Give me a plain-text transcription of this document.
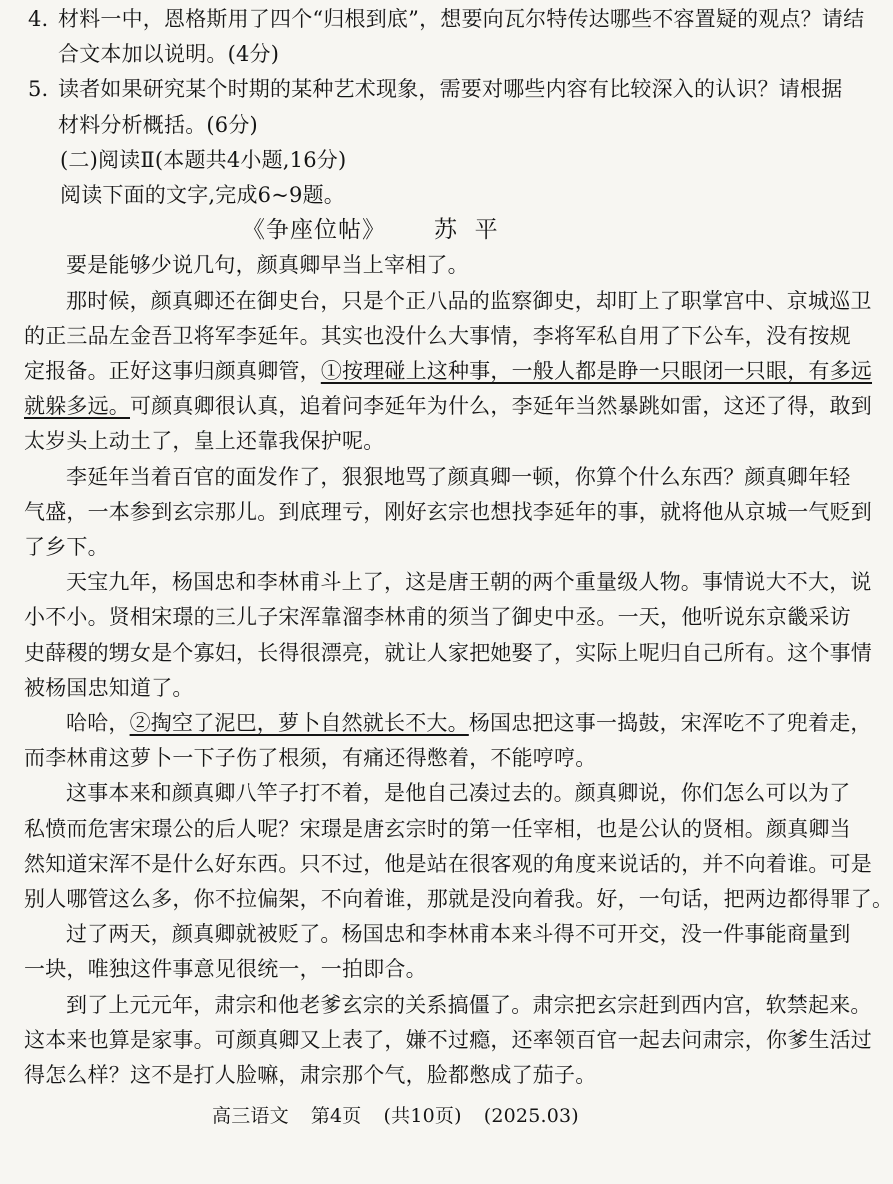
4. 材料一中，恩格斯用了四个“归根到底”，想要向瓦尔特传达哪些不容置疑的观点？请结
合文本加以说明。(4分)
5. 读者如果研究某个时期的某种艺术现象，需要对哪些内容有比较深入的认识？请根据
材料分析概括。(6分)
(二)阅读Ⅱ(本题共4小题,16分)
阅读下面的文字,完成6~9题。
《争座位帖》 苏  平
要是能够少说几句，颜真卿早当上宰相了。
那时候，颜真卿还在御史台，只是个正八品的监察御史，却盯上了职掌宫中、京城巡卫
的正三品左金吾卫将军李延年。其实也没什么大事情，李将军私自用了下公车，没有按规
定报备。正好这事归颜真卿管，①按理碰上这种事，一般人都是睁一只眼闭一只眼，有多远
就躲多远。可颜真卿很认真，追着问李延年为什么，李延年当然暴跳如雷，这还了得，敢到
太岁头上动土了，皇上还靠我保护呢。
李延年当着百官的面发作了，狠狠地骂了颜真卿一顿，你算个什么东西？颜真卿年轻
气盛，一本参到玄宗那儿。到底理亏，刚好玄宗也想找李延年的事，就将他从京城一气贬到
了乡下。
天宝九年，杨国忠和李林甫斗上了，这是唐王朝的两个重量级人物。事情说大不大，说
小不小。贤相宋璟的三儿子宋浑靠溜李林甫的须当了御史中丞。一天，他听说东京畿采访
史薛稷的甥女是个寡妇，长得很漂亮，就让人家把她娶了，实际上呢归自己所有。这个事情
被杨国忠知道了。
哈哈，②掏空了泥巴，萝卜自然就长不大。杨国忠把这事一捣鼓，宋浑吃不了兜着走，
而李林甫这萝卜一下子伤了根须，有痛还得憋着，不能哼哼。
这事本来和颜真卿八竿子打不着，是他自己凑过去的。颜真卿说，你们怎么可以为了
私愤而危害宋璟公的后人呢？宋璟是唐玄宗时的第一任宰相，也是公认的贤相。颜真卿当
然知道宋浑不是什么好东西。只不过，他是站在很客观的角度来说话的，并不向着谁。可是
别人哪管这么多，你不拉偏架，不向着谁，那就是没向着我。好，一句话，把两边都得罪了。
过了两天，颜真卿就被贬了。杨国忠和李林甫本来斗得不可开交，没一件事能商量到
一块，唯独这件事意见很统一，一拍即合。
到了上元元年，肃宗和他老爹玄宗的关系搞僵了。肃宗把玄宗赶到西内宫，软禁起来。
这本来也算是家事。可颜真卿又上表了，嫌不过瘾，还率领百官一起去问肃宗，你爹生活过
得怎么样？这不是打人脸嘛，肃宗那个气，脸都憋成了茄子。
高三语文 第4页 (共10页) (2025.03)
